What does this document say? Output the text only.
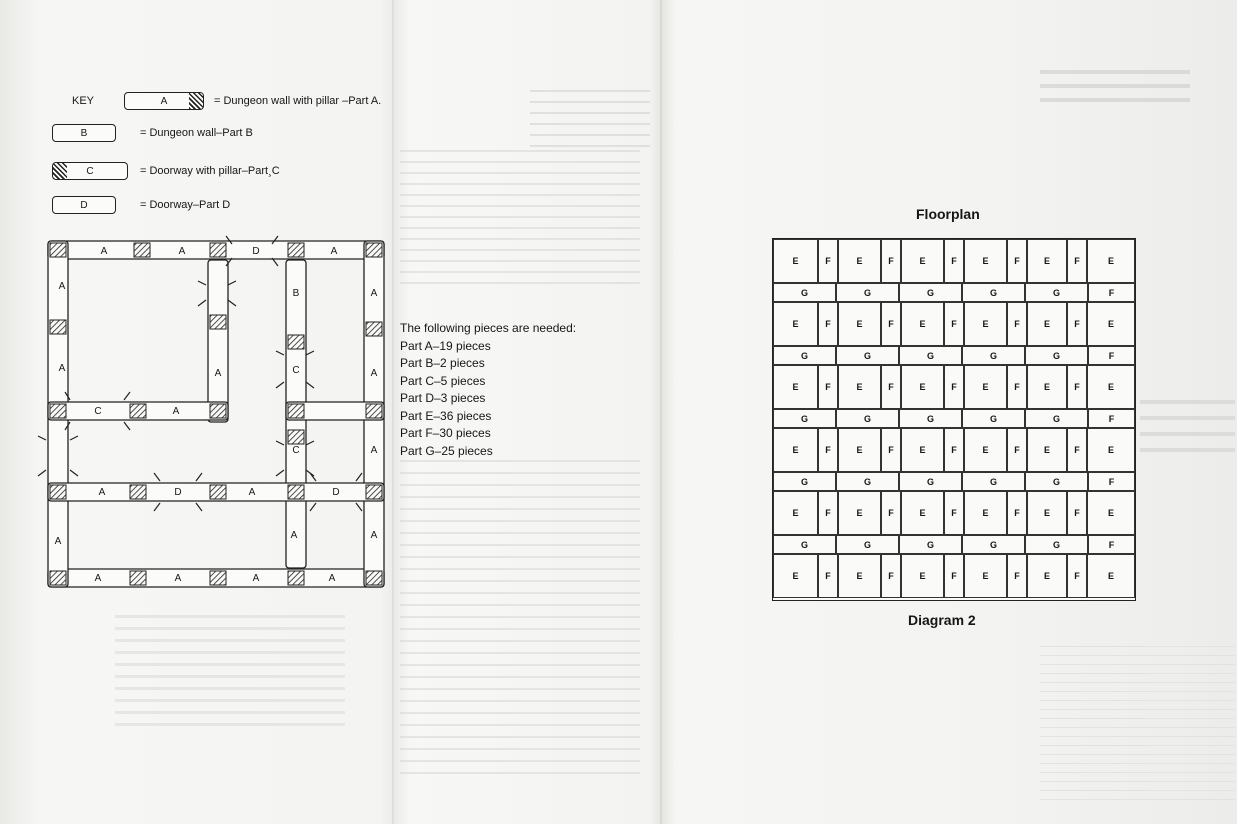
KEY	A	= Dungeon wall with pillar –Part A.
B	= Dungeon wall–Part B
C	= Doorway with pillar–Part¸C
D	= Doorway–Part D
A	A	D	A
A
A
B	A
A	C	A
C	A
C	A
A	D	A	D
A
A	A
A	A	A	A
The following pieces are needed:
Part A–19 pieces
Part B–2 pieces
Part C–5 pieces
Part D–3 pieces
Part E–36 pieces
Part F–30 pieces
Part G–25 pieces
Floorplan
E	F	E	F	E	F	E	F	E	F	E
G	G	G	G	G	F
E	F	E	F	E	F	E	F	E	F	E
G	G	G	G	G	F
E	F	E	F	E	F	E	F	E	F	E
G	G	G	G	G	F
E	F	E	F	E	F	E	F	E	F	E
G	G	G	G	G	F
E	F	E	F	E	F	E	F	E	F	E
G	G	G	G	G	F
E	F	E	F	E	F	E	F	E	F	E
Diagram 2
